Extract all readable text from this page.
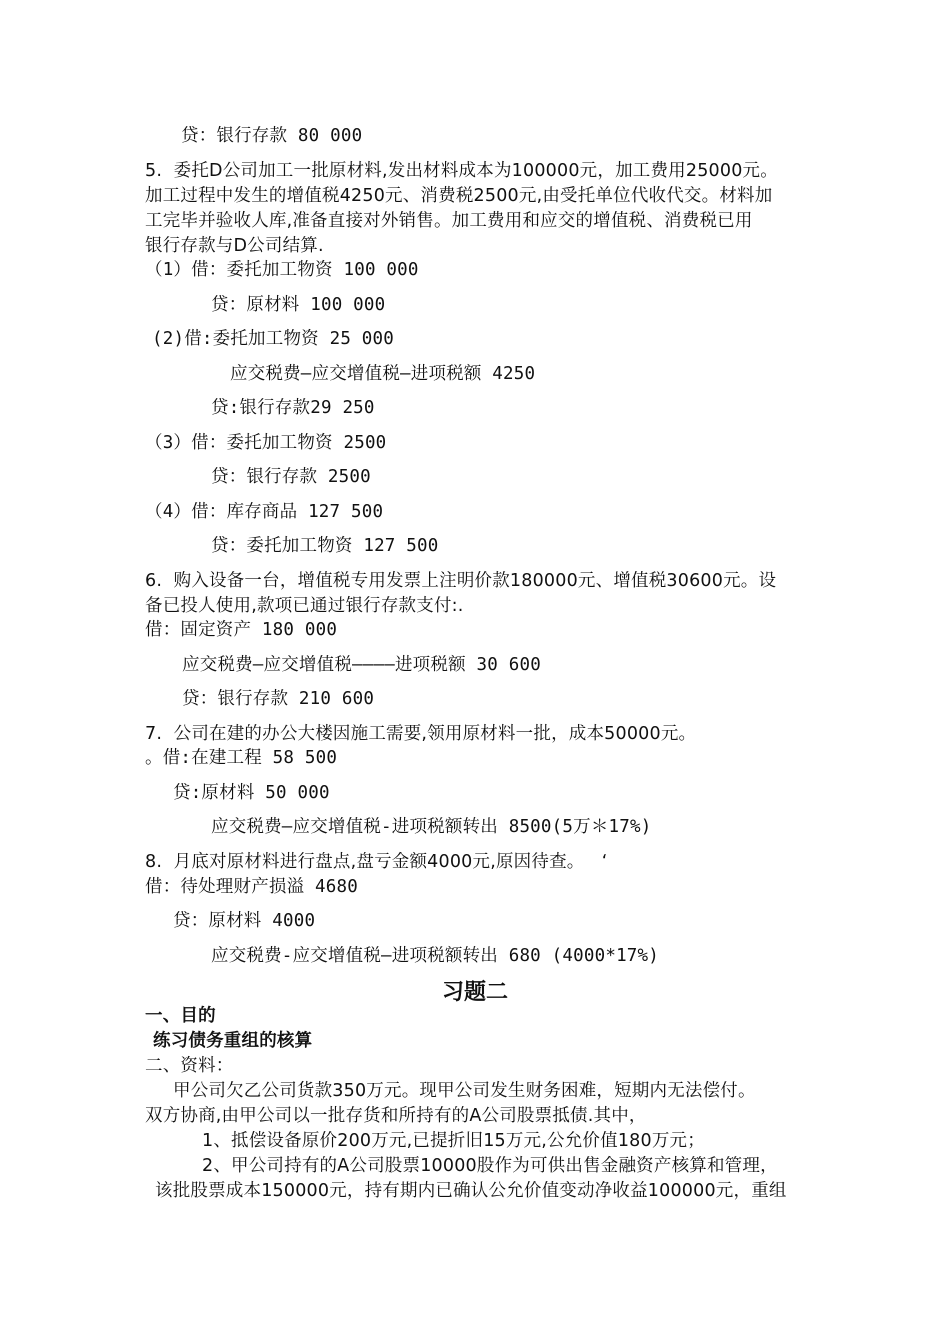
贷：银行存款 80 000
5.  委托D公司加工一批原材料,发出材料成本为100000元，加工费用25000元。
加工过程中发生的增值税4250元、消费税2500元,由受托单位代收代交。材料加
工完毕并验收人库,准备直接对外销售。加工费用和应交的增值税、消费税已用
银行存款与D公司结算.
（1）借：委托加工物资 100 000
贷：原材料 100 000
(2)借:委托加工物资 25 000
应交税费—应交增值税—进项税额 4250
贷:银行存款29 250
（3）借：委托加工物资 2500
贷：银行存款 2500
（4）借：库存商品 127 500
贷：委托加工物资 127 500
6.  购入设备一台，增值税专用发票上注明价款180000元、增值税30600元。设
备已投人使用,款项已通过银行存款支付:.
借：固定资产 180 000
应交税费—应交增值税————进项税额 30 600
贷：银行存款 210 600
7.  公司在建的办公大楼因施工需要,领用原材料一批，成本50000元。
。借:在建工程 58 500
贷:原材料 50 000
应交税费—应交增值税-进项税额转出 8500(5万＊17%)
8.  月底对原材料进行盘点,盘亏金额4000元,原因待查。   ‘
借：待处理财产损溢 4680
贷：原材料 4000
应交税费-应交增值税—进项税额转出 680 (4000*17%)
习题二
一、目的
练习债务重组的核算
二、资料：
甲公司欠乙公司货款350万元。现甲公司发生财务困难，短期内无法偿付。
双方协商,由甲公司以一批存货和所持有的A公司股票抵债.其中，
1、抵偿设备原价200万元,已提折旧15万元,公允价值180万元；
2、甲公司持有的A公司股票10000股作为可供出售金融资产核算和管理，
该批股票成本150000元，持有期内已确认公允价值变动净收益100000元，重组
